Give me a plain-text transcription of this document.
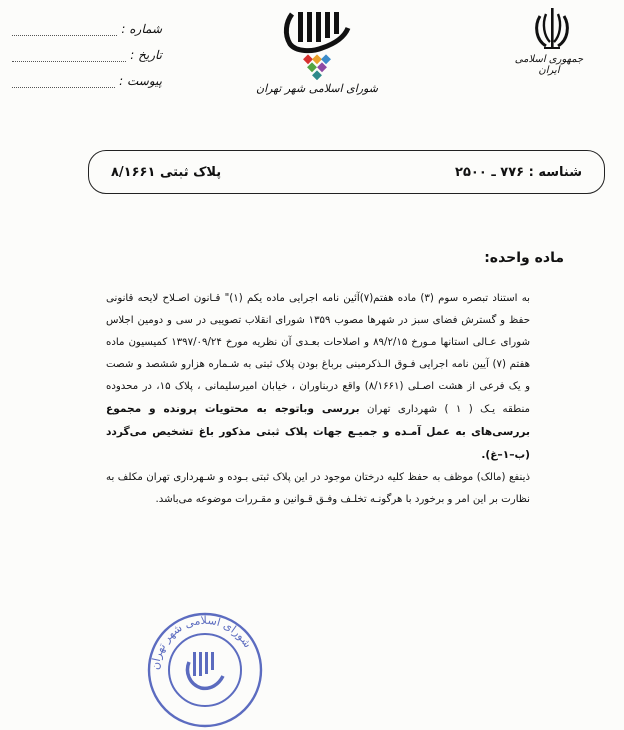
شماره :
تاریخ :
پیوست :
شورای اسلامی شهر تهران
جمهوری اسلامی ایران
شناسه : ۷۷۶ ـ ۲۵۰۰
پلاک ثبتی ۸/۱۶۶۱
ماده واحده:

به استناد تبصره سوم (۳) ماده هفتم(۷)آئین نامه اجرایی ماده یکم (۱)" قـانون اصـلاح لایحه قانونی حفظ و گسترش فضای سبز در شهرها مصوب ۱۳۵۹ شورای انقلاب تصویبی در سی و دومین اجلاس شورای عـالی استانها مـورخ ۸۹/۲/۱۵ و اصلاحات بعـدی آن نظریه مورخ ۱۳۹۷/۰۹/۲۴ کمیسیون ماده هفتم (۷) آیین نامه اجرایی فـوق الـذکرمبنی برباغ بودن پلاک ثبتی به شـماره هزارو ششصد و شصت و یک فرعی از هشت اصـلی (۸/۱۶۶۱) واقع دربناوران ، خیابان امیرسلیمانی ، پلاک ۱۵، در محدوده منطقه یـک ( ۱ ) شهرداری تهران بررسی وباتوجه به محتویات پرونده و مجموع بررسی‌های به عمل آمـده و جمیـع جهات پلاک ثبتی مذکور باغ تشخیص می‌گردد (ب–۱–غ).

ذینفع (مالک) موظف به حفظ کلیه درختان موجود در این پلاک ثبتی بـوده و شـهرداری تهران مکلف به نظارت بر این امر و برخورد با هرگونـه تخلـف وفـق قـوانین و مقـررات موضوعه می‌باشد.

شورای اسلامی شهر تهران
